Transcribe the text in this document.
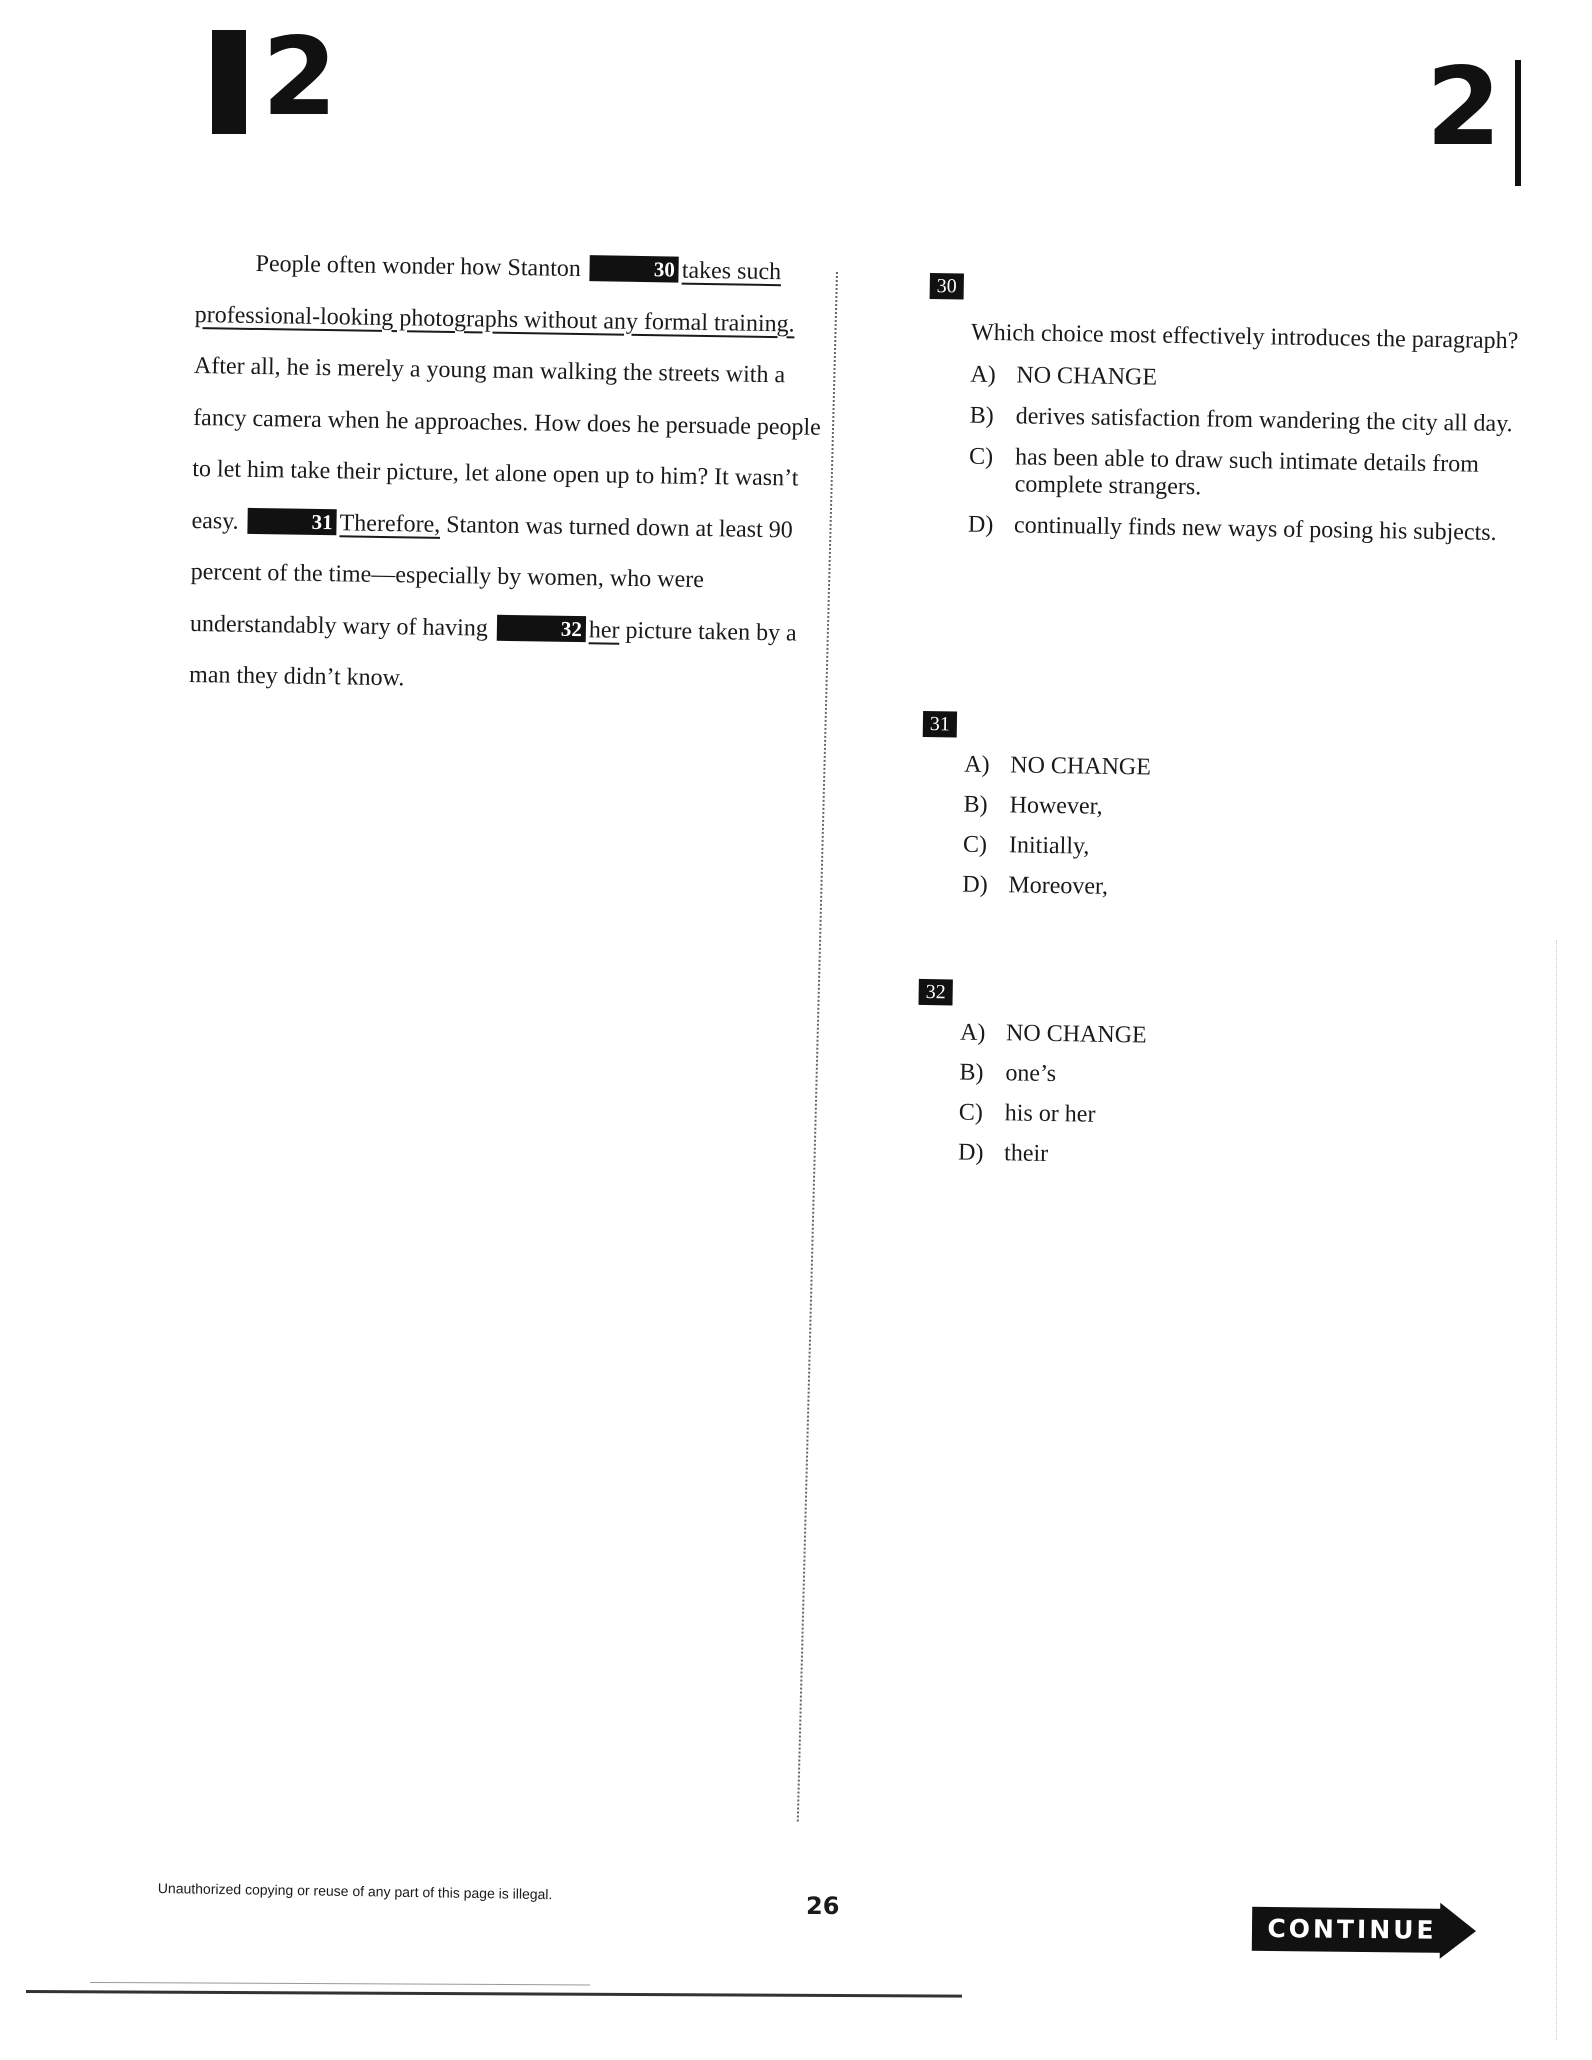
2	2

People often wonder how Stanton	30 takes such professional-looking photographs without any formal training. After all, he is merely a young man walking the streets with a fancy camera when he approaches. How does he persuade people to let him take their picture, let alone open up to him? It wasn’t easy.	31 Therefore, Stanton was turned down at least 90 percent of the time—especially by women, who were understandably wary of having	32 her picture taken by a man they didn’t know.

30
Which choice most effectively introduces the paragraph?
A) NO CHANGE
B) derives satisfaction from wandering the city all day.
C) has been able to draw such intimate details from complete strangers.
D) continually finds new ways of posing his subjects.
31
A) NO CHANGE
B) However,
C) Initially,
D) Moreover,
32
A) NO CHANGE
B) one’s
C) his or her
D) their
Unauthorized copying or reuse of any part of this page is illegal.
26
CONTINUE
